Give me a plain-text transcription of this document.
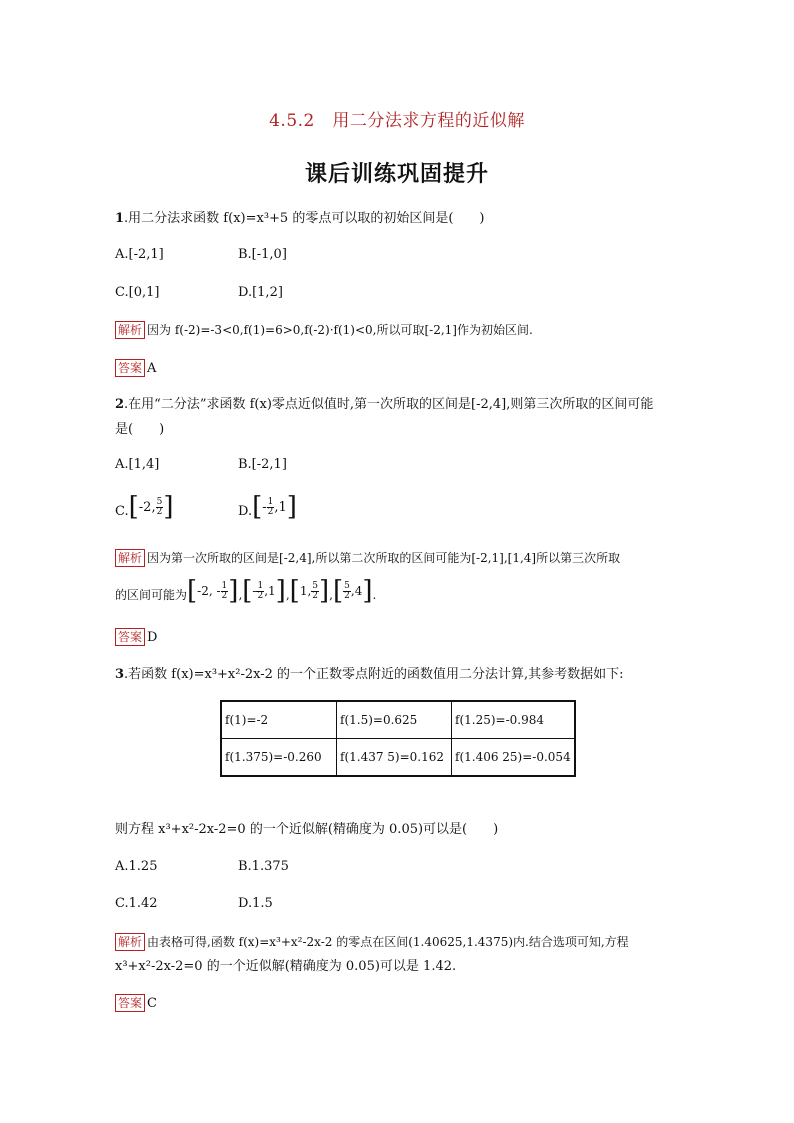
4.5.2　用二分法求方程的近似解
课后训练巩固提升
1.用二分法求函数 f(x)=x³+5 的零点可以取的初始区间是(　　)
A.[-2,1]	B.[-1,0]
C.[0,1]	D.[1,2]
解析 因为 f(-2)=-3<0,f(1)=6>0,f(-2)·f(1)<0,所以可取[-2,1]作为初始区间.
答案 A
2.在用“二分法”求函数 f(x)零点近似值时,第一次所取的区间是[-2,4],则第三次所取的区间可能
是(　　)
A.[1,4]	B.[-2,1]
C. [ -2, $\frac{5}{2}$ ]	D. [ - $\frac{1}{2} ,1$ ]
解析 因为第一次所取的区间是[-2,4],所以第二次所取的区间可能为[-2,1],[1,4]所以第三次所取
的区间可能为 [ -2, - $\frac{1}{2}$ ] , [ - $\frac{1}{2} ,1$ ] , [ 1, $\frac{5}{2}$ ] , [ $\frac{5}{2} ,4$ ] .
答案 D
3.若函数 f(x)=x³+x²-2x-2 的一个正数零点附近的函数值用二分法计算,其参考数据如下:
f(1)=-2	f(1.5)=0.625	f(1.25)=-0.984
f(1.375)=-0.260	f(1.437 5)=0.162	f(1.406 25)=-0.054
则方程 x³+x²-2x-2=0 的一个近似解(精确度为 0.05)可以是(　　)
A.1.25	B.1.375
C.1.42	D.1.5
解析 由表格可得,函数 f(x)=x³+x²-2x-2 的零点在区间(1.40625,1.4375)内.结合选项可知,方程
x³+x²-2x-2=0 的一个近似解(精确度为 0.05)可以是 1.42.
答案 C
